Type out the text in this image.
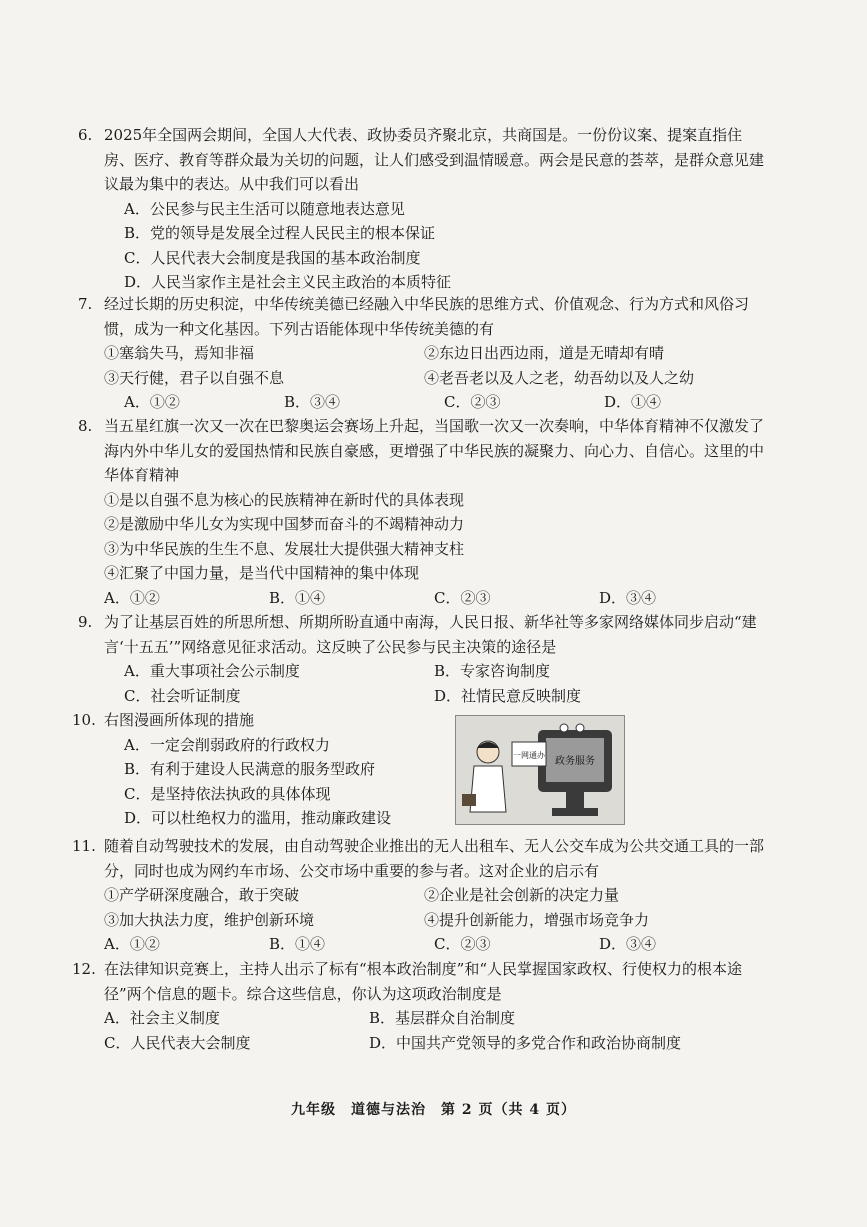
6. 2025年全国两会期间，全国人大代表、政协委员齐聚北京，共商国是。一份份议案、提案直指住房、医疗、教育等群众最为关切的问题，让人们感受到温情暖意。两会是民意的荟萃，是群众意见建议最为集中的表达。从中我们可以看出

A．公民参与民主生活可以随意地表达意见
B．党的领导是发展全过程人民民主的根本保证
C．人民代表大会制度是我国的基本政治制度
D．人民当家作主是社会主义民主政治的本质特征
7. 经过长期的历史积淀，中华传统美德已经融入中华民族的思维方式、价值观念、行为方式和风俗习惯，成为一种文化基因。下列古语能体现中华传统美德的有

①塞翁失马，焉知非福	②东边日出西边雨，道是无晴却有晴
③天行健，君子以自强不息	④老吾老以及人之老，幼吾幼以及人之幼
A．①②	B．③④	C．②③	D．①④
8. 当五星红旗一次又一次在巴黎奥运会赛场上升起，当国歌一次又一次奏响，中华体育精神不仅激发了海内外中华儿女的爱国热情和民族自豪感，更增强了中华民族的凝聚力、向心力、自信心。这里的中华体育精神

①是以自强不息为核心的民族精神在新时代的具体表现
②是激励中华儿女为实现中国梦而奋斗的不竭精神动力
③为中华民族的生生不息、发展壮大提供强大精神支柱
④汇聚了中国力量，是当代中国精神的集中体现
A．①②	B．①④	C．②③	D．③④
9. 为了让基层百姓的所思所想、所期所盼直通中南海，人民日报、新华社等多家网络媒体同步启动“建言‘十五五’”网络意见征求活动。这反映了公民参与民主决策的途径是

A．重大事项社会公示制度	B．专家咨询制度
C．社会听证制度	D．社情民意反映制度
10. 右图漫画所体现的措施

A．一定会削弱政府的行政权力
B．有利于建设人民满意的服务型政府
C．是坚持依法执政的具体体现
D．可以杜绝权力的滥用，推动廉政建设
政务服务
一网通办
11. 随着自动驾驶技术的发展，由自动驾驶企业推出的无人出租车、无人公交车成为公共交通工具的一部分，同时也成为网约车市场、公交市场中重要的参与者。这对企业的启示有

①产学研深度融合，敢于突破	②企业是社会创新的决定力量
③加大执法力度，维护创新环境	④提升创新能力，增强市场竞争力
A．①②	B．①④	C．②③	D．③④
12. 在法律知识竞赛上，主持人出示了标有“根本政治制度”和“人民掌握国家政权、行使权力的根本途径”两个信息的题卡。综合这些信息，你认为这项政治制度是

A．社会主义制度	B．基层群众自治制度
C．人民代表大会制度	D．中国共产党领导的多党合作和政治协商制度
九年级　道德与法治　第 2 页（共 4 页）
